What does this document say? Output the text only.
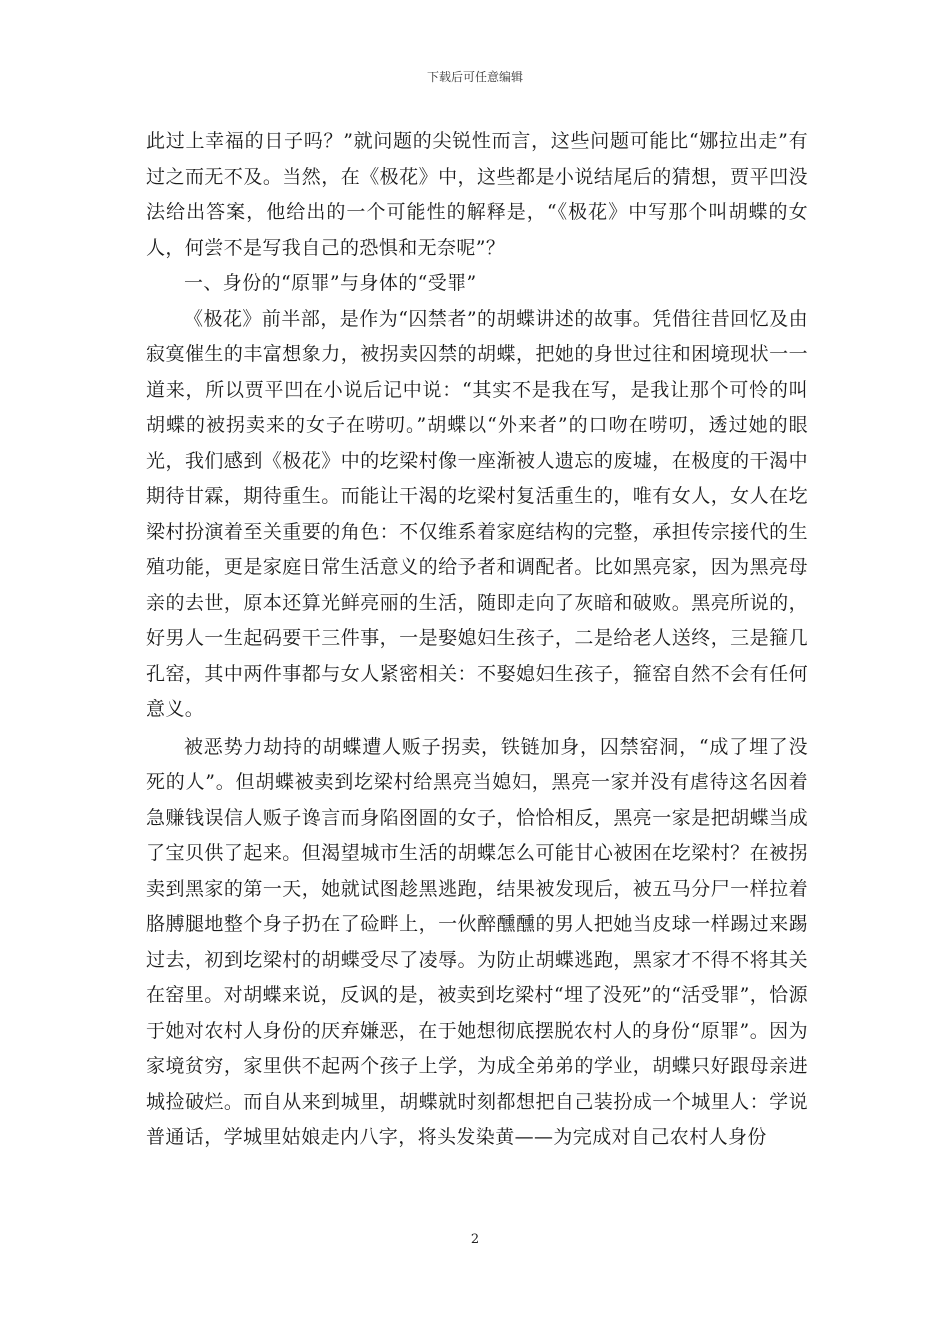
下载后可任意编辑

此过上幸福的日子吗？”就问题的尖锐性而言，这些问题可能比“娜拉出走”有过之而无不及。当然，在《极花》中，这些都是小说结尾后的猜想，贾平凹没法给出答案，他给出的一个可能性的解释是，“《极花》中写那个叫胡蝶的女人，何尝不是写我自己的恐惧和无奈呢”？

一、身份的“原罪”与身体的“受罪”

《极花》前半部，是作为“囚禁者”的胡蝶讲述的故事。凭借往昔回忆及由寂寞催生的丰富想象力，被拐卖囚禁的胡蝶，把她的身世过往和困境现状一一道来，所以贾平凹在小说后记中说：“其实不是我在写，是我让那个可怜的叫胡蝶的被拐卖来的女子在唠叨。”胡蝶以“外来者”的口吻在唠叨，透过她的眼光，我们感到《极花》中的圪梁村像一座渐被人遗忘的废墟，在极度的干渴中期待甘霖，期待重生。而能让干渴的圪梁村复活重生的，唯有女人，女人在圪梁村扮演着至关重要的角色：不仅维系着家庭结构的完整，承担传宗接代的生殖功能，更是家庭日常生活意义的给予者和调配者。比如黑亮家，因为黑亮母亲的去世，原本还算光鲜亮丽的生活，随即走向了灰暗和破败。黑亮所说的，好男人一生起码要干三件事，一是娶媳妇生孩子，二是给老人送终，三是箍几孔窑，其中两件事都与女人紧密相关：不娶媳妇生孩子，箍窑自然不会有任何意义。

被恶势力劫持的胡蝶遭人贩子拐卖，铁链加身，囚禁窑洞，“成了埋了没死的人”。但胡蝶被卖到圪梁村给黑亮当媳妇，黑亮一家并没有虐待这名因着急赚钱误信人贩子谗言而身陷囹圄的女子，恰恰相反，黑亮一家是把胡蝶当成了宝贝供了起来。但渴望城市生活的胡蝶怎么可能甘心被困在圪梁村？在被拐卖到黑家的第一天，她就试图趁黑逃跑，结果被发现后，被五马分尸一样拉着胳膊腿地整个身子扔在了硷畔上，一伙醉醺醺的男人把她当皮球一样踢过来踢过去，初到圪梁村的胡蝶受尽了凌辱。为防止胡蝶逃跑，黑家才不得不将其关在窑里。对胡蝶来说，反讽的是，被卖到圪梁村“埋了没死”的“活受罪”，恰源于她对农村人身份的厌弃嫌恶，在于她想彻底摆脱农村人的身份“原罪”。因为家境贫穷，家里供不起两个孩子上学，为成全弟弟的学业，胡蝶只好跟母亲进城捡破烂。而自从来到城里，胡蝶就时刻都想把自己装扮成一个城里人：学说普通话，学城里姑娘走内八字，将头发染黄——为完成对自己农村人身份

2
